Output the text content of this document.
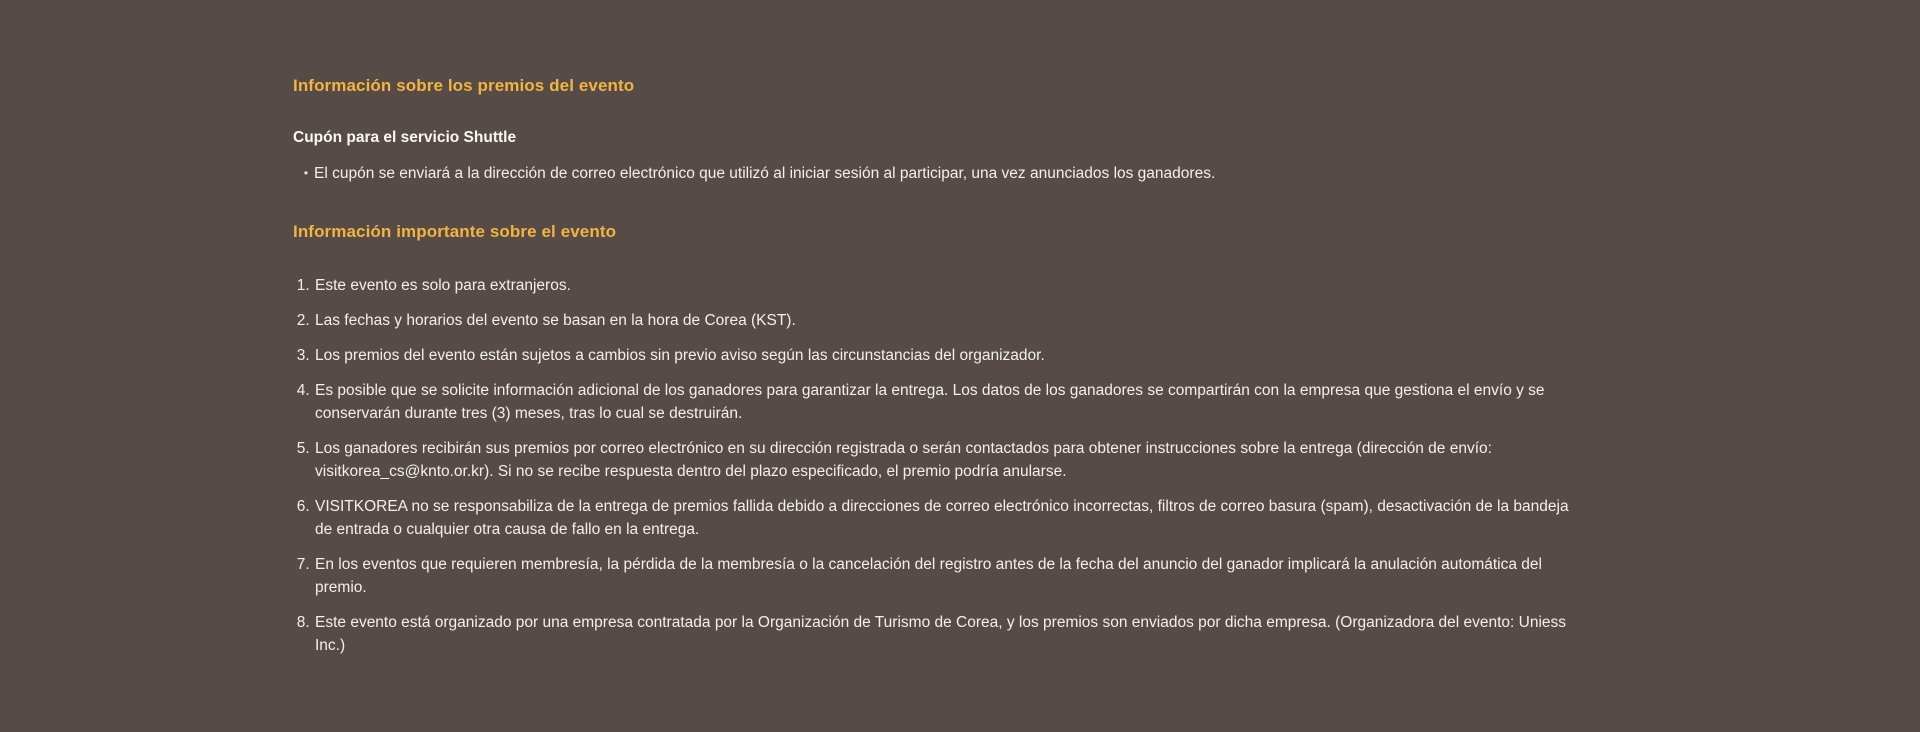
Información sobre los premios del evento
Cupón para el servicio Shuttle
• El cupón se enviará a la dirección de correo electrónico que utilizó al iniciar sesión al participar, una vez anunciados los ganadores.
Información importante sobre el evento
1. Este evento es solo para extranjeros.
2. Las fechas y horarios del evento se basan en la hora de Corea (KST).
3. Los premios del evento están sujetos a cambios sin previo aviso según las circunstancias del organizador.
4. Es posible que se solicite información adicional de los ganadores para garantizar la entrega. Los datos de los ganadores se compartirán con la empresa que gestiona el envío y se conservarán durante tres (3) meses, tras lo cual se destruirán.
5. Los ganadores recibirán sus premios por correo electrónico en su dirección registrada o serán contactados para obtener instrucciones sobre la entrega (dirección de envío: visitkorea_cs@knto.or.kr). Si no se recibe respuesta dentro del plazo especificado, el premio podría anularse.
6. VISITKOREA no se responsabiliza de la entrega de premios fallida debido a direcciones de correo electrónico incorrectas, filtros de correo basura (spam), desactivación de la bandeja de entrada o cualquier otra causa de fallo en la entrega.
7. En los eventos que requieren membresía, la pérdida de la membresía o la cancelación del registro antes de la fecha del anuncio del ganador implicará la anulación automática del premio.
8. Este evento está organizado por una empresa contratada por la Organización de Turismo de Corea, y los premios son enviados por dicha empresa. (Organizadora del evento: Uniess Inc.)
